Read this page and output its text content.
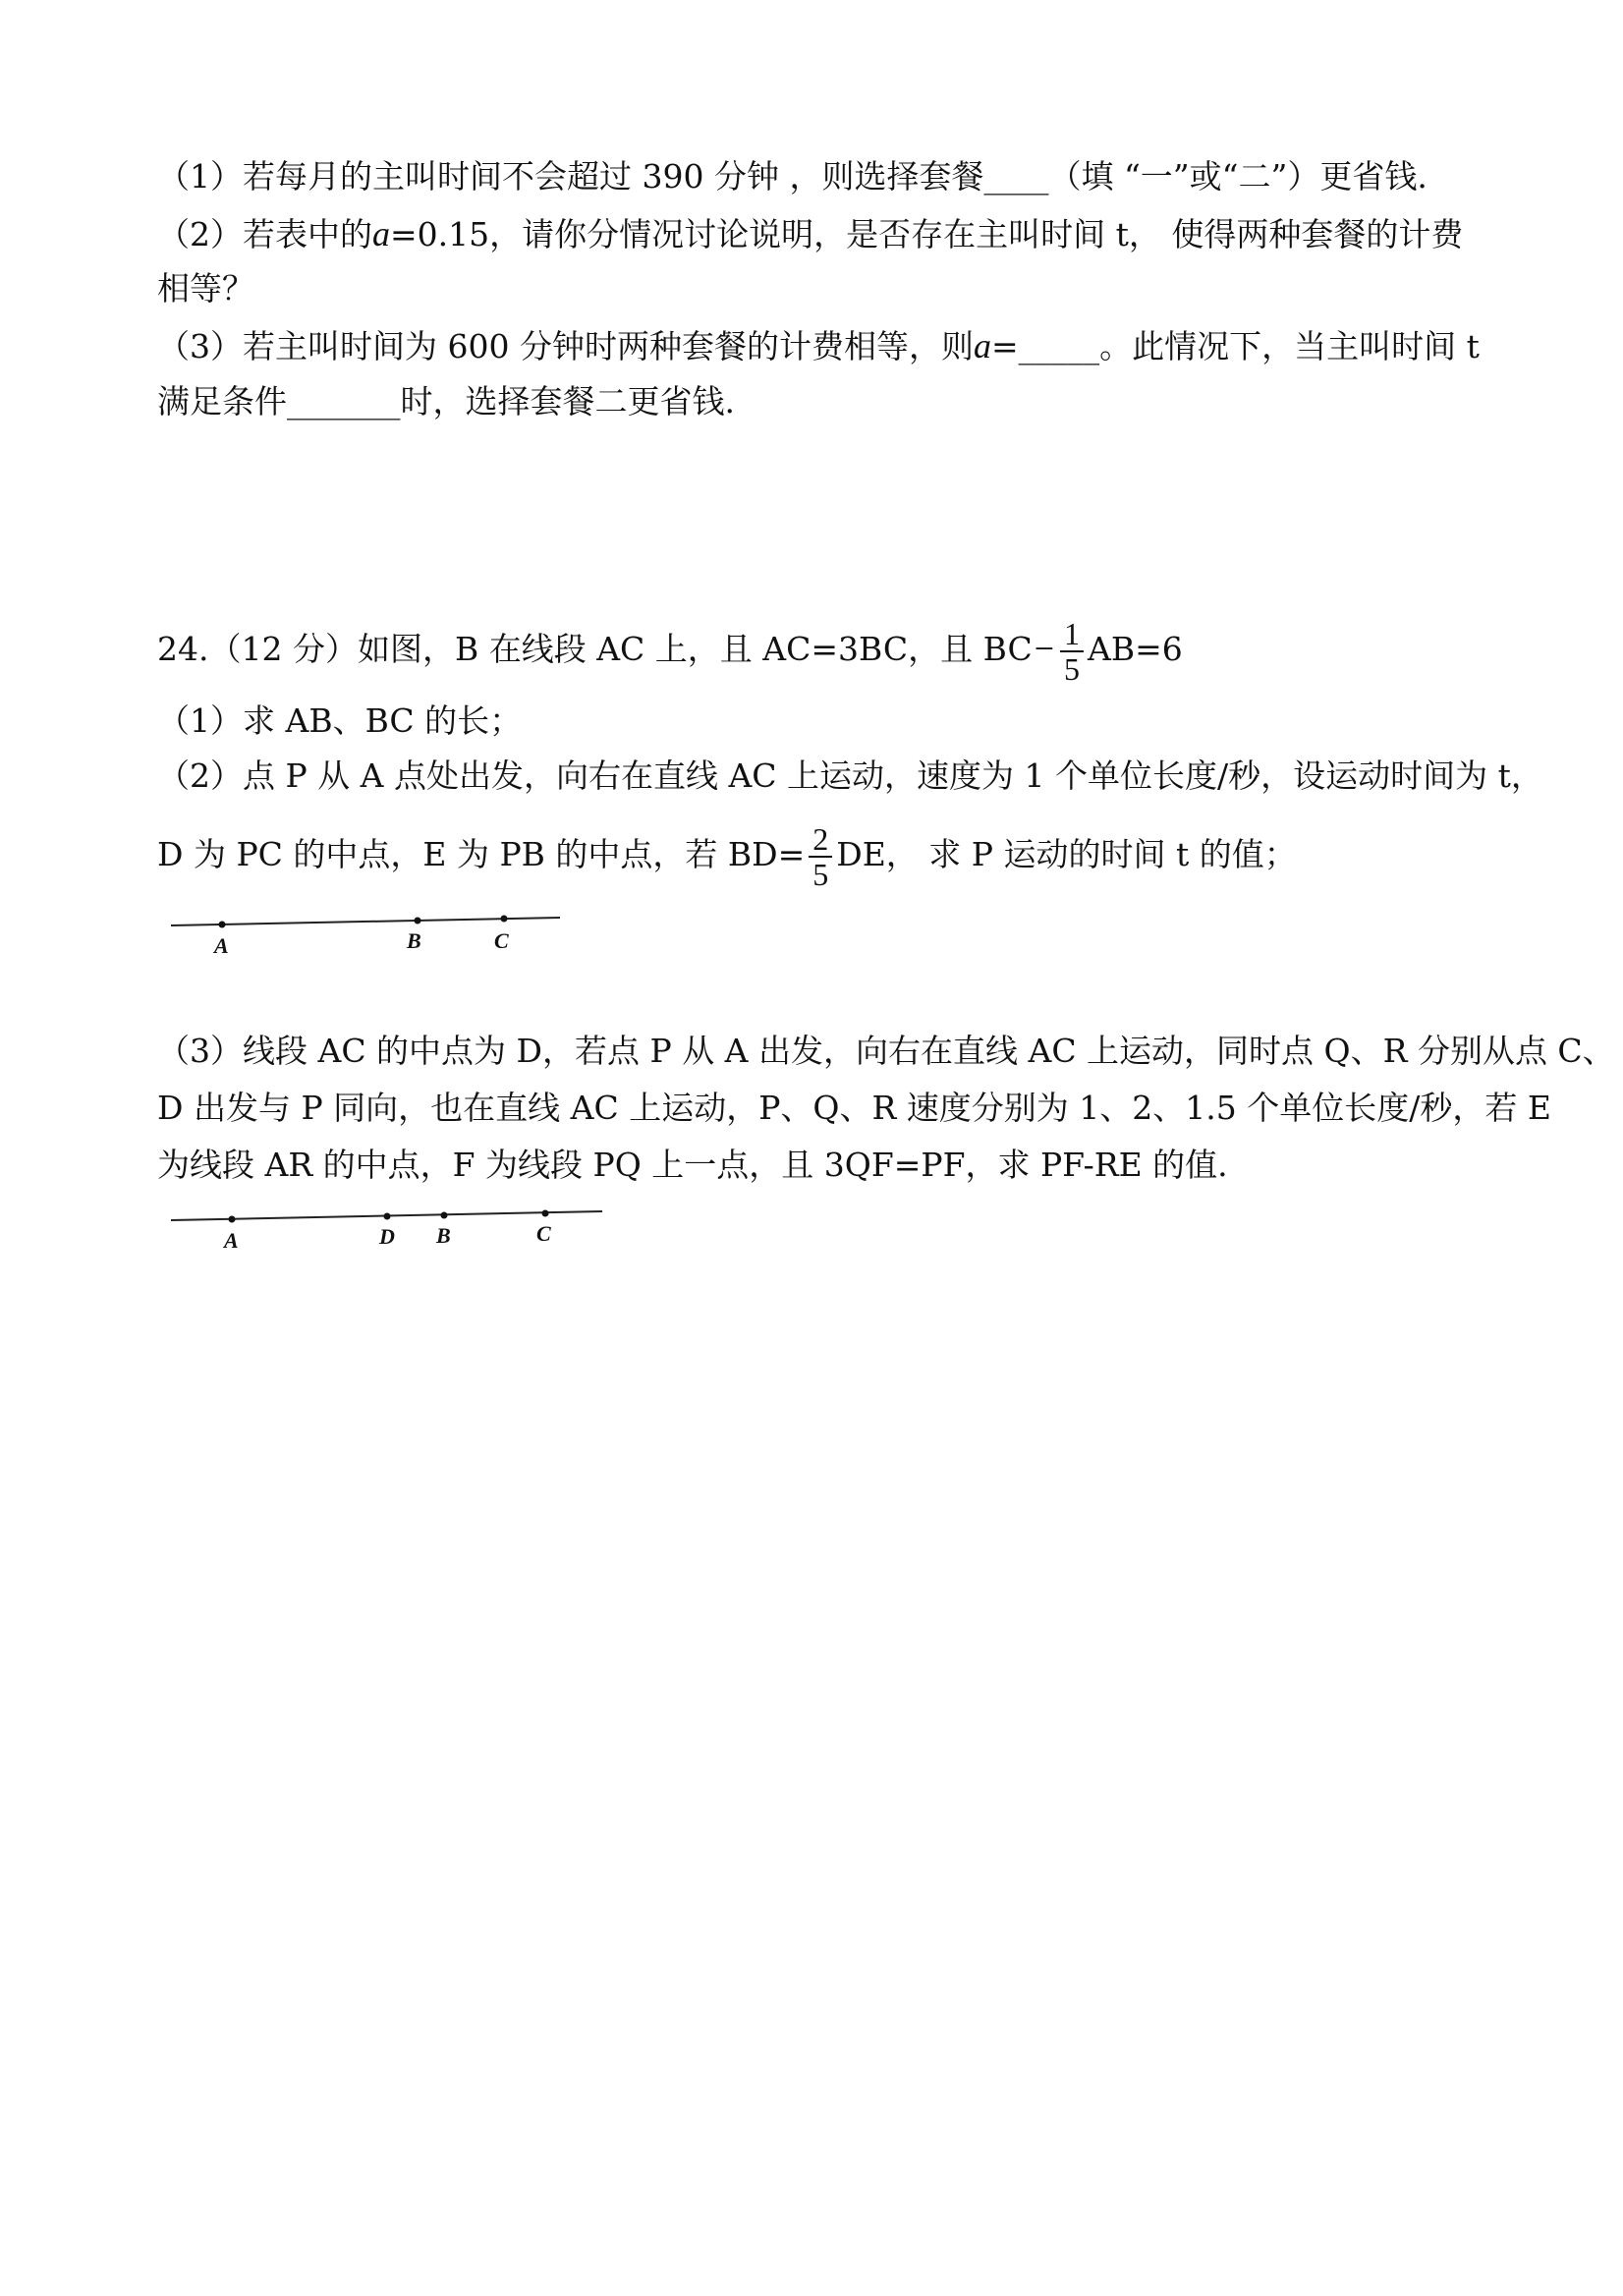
（1）若每月的主叫时间不会超过 390 分钟 ，则选择套餐____（填 “一”或“二”）更省钱.
（2）若表中的a=0.15，请你分情况讨论说明，是否存在主叫时间 t， 使得两种套餐的计费
相等？
（3）若主叫时间为 600 分钟时两种套餐的计费相等，则a=_____。此情况下，当主叫时间 t
满足条件_______时，选择套餐二更省钱.
24.（12 分）如图，B 在线段 AC 上，且 AC=3BC，且 $BC- \frac{1}{5} AB=6$
（1）求 AB、BC 的长；
（2）点 P 从 A 点处出发，向右在直线 AC 上运动，速度为 1 个单位长度/秒，设运动时间为 t，
D 为 PC 的中点，E 为 PB 的中点，若 $BD= \frac{2}{5}$ DE， 求 P 运动的时间 t 的值；
A	B	C
（3）线段 AC 的中点为 D，若点 P 从 A 出发，向右在直线 AC 上运动，同时点 Q、R 分别从点 C、
D 出发与 P 同向，也在直线 AC 上运动，P、Q、R 速度分别为 1、2、1.5 个单位长度/秒，若 E
为线段 AR 的中点，F 为线段 PQ 上一点，且 3QF=PF，求 PF-RE 的值.
A	D B	C
